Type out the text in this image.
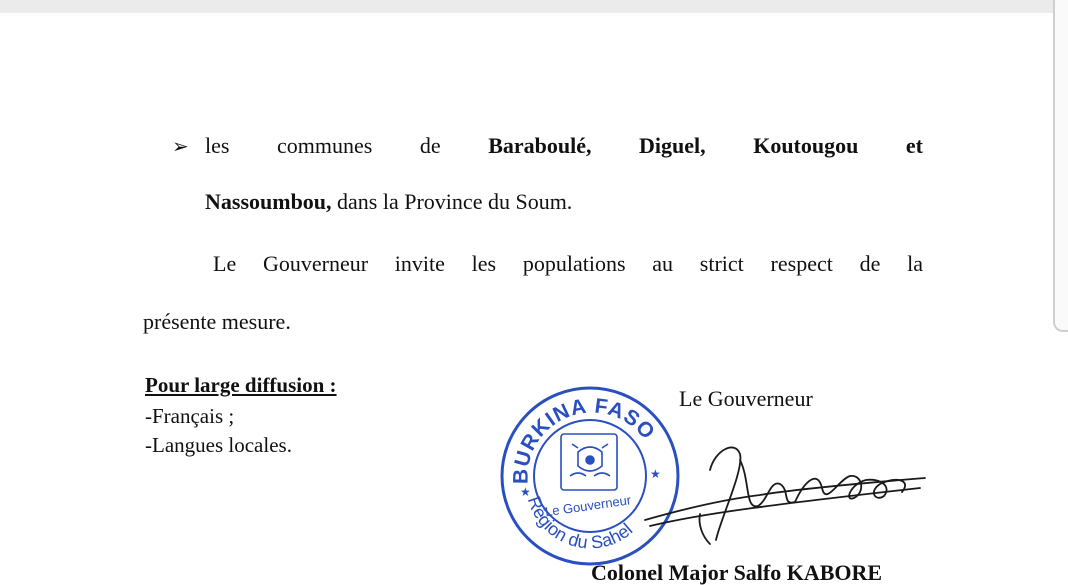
➢ les communes de Baraboulé, Diguel, Koutougou et
Nassoumbou, dans la Province du Soum.
Le Gouverneur invite les populations au strict respect de la
présente mesure.
Pour large diffusion :
-Français ;
-Langues locales.
Le Gouverneur
BURKINA FASO
Région du Sahel
★
★
Le Gouverneur
Colonel Major Salfo KABORE
